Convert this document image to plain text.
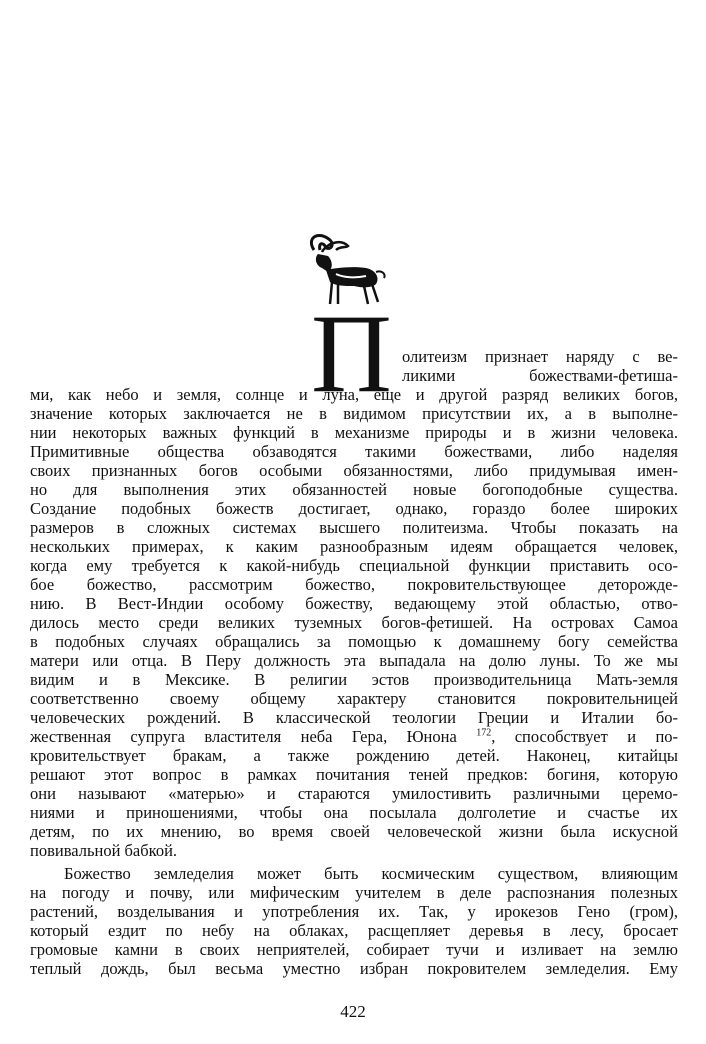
П олитеизм признает наряду с ве-
ликими божествами-фетиша-
ми, как небо и земля, солнце и луна, еще и другой разряд великих богов,
значение которых заключается не в видимом присутствии их, а в выполне-
нии некоторых важных функций в механизме природы и в жизни человека.
Примитивные общества обзаводятся такими божествами, либо наделяя
своих признанных богов особыми обязанностями, либо придумывая имен-
но для выполнения этих обязанностей новые богоподобные существа.
Создание подобных божеств достигает, однако, гораздо более широких
размеров в сложных системах высшего политеизма. Чтобы показать на
нескольких примерах, к каким разнообразным идеям обращается человек,
когда ему требуется к какой-нибудь специальной функции приставить осо-
бое божество, рассмотрим божество, покровительствующее деторожде-
нию. В Вест-Индии особому божеству, ведающему этой областью, отво-
дилось место среди великих туземных богов-фетишей. На островах Самоа
в подобных случаях обращались за помощью к домашнему богу семейства
матери или отца. В Перу должность эта выпадала на долю луны. То же мы
видим и в Мексике. В религии эстов производительница Мать-земля
соответственно своему общему характеру становится покровительницей
человеческих рождений. В классической теологии Греции и Италии бо-
жественная супруга властителя неба Гера, Юнона $^{172}$, способствует и по-
кровительствует бракам, а также рождению детей. Наконец, китайцы
решают этот вопрос в рамках почитания теней предков: богиня, которую
они называют «матерью» и стараются умилостивить различными церемо-
ниями и приношениями, чтобы она посылала долголетие и счастье их
детям, по их мнению, во время своей человеческой жизни была искусной
повивальной бабкой.
Божество земледелия может быть космическим существом, влияющим
на погоду и почву, или мифическим учителем в деле распознания полезных
растений, возделывания и употребления их. Так, у ирокезов Гено (гром),
который ездит по небу на облаках, расщепляет деревья в лесу, бросает
громовые камни в своих неприятелей, собирает тучи и изливает на землю
теплый дождь, был весьма уместно избран покровителем земледелия. Ему
422
